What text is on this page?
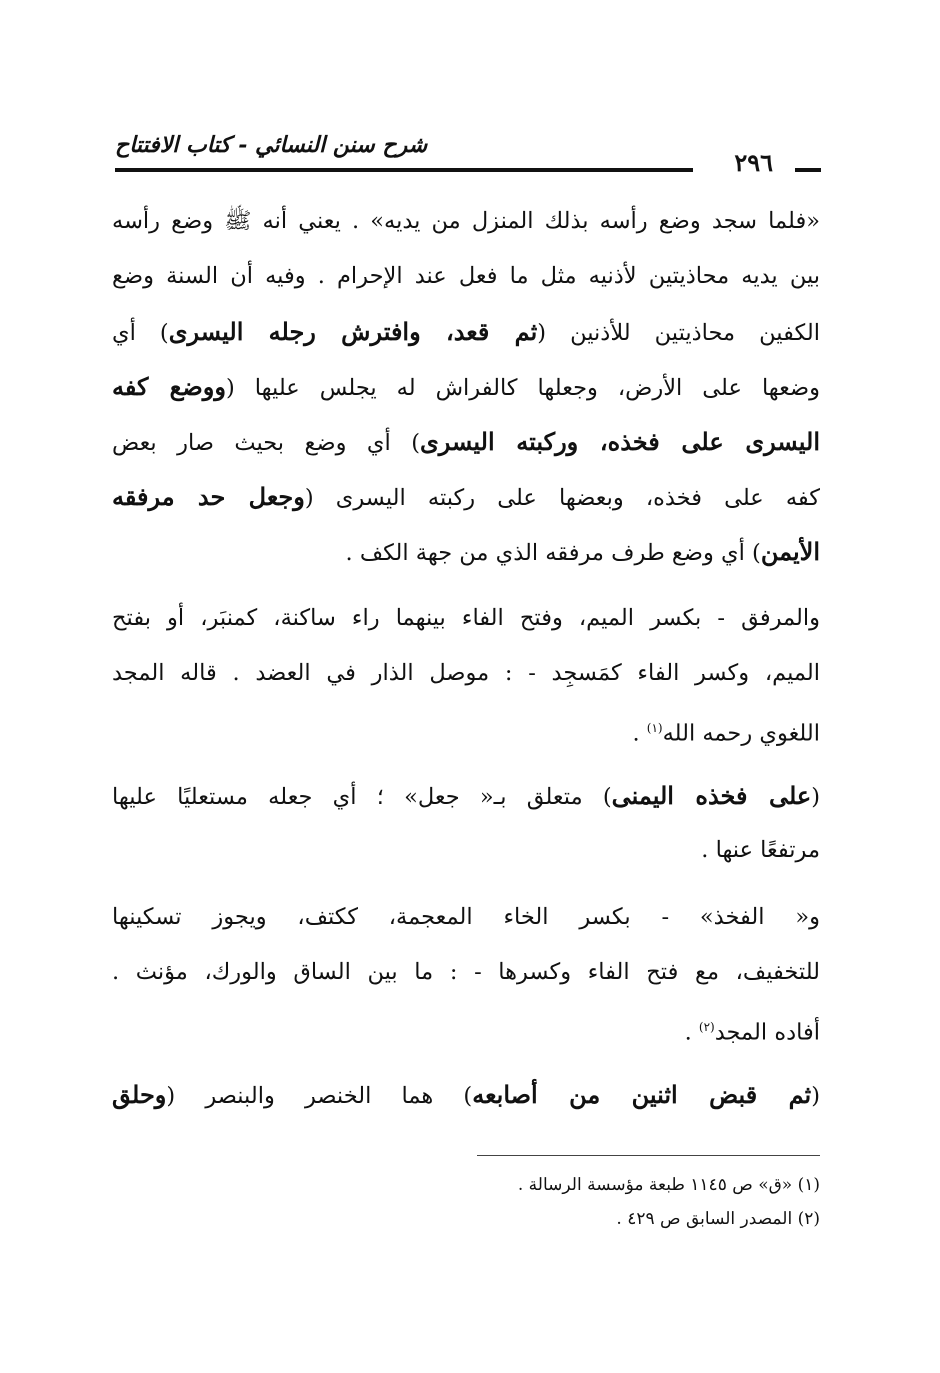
شرح سنن النسائي - كتاب الافتتاح
٢٩٦
«فلما سجد وضع رأسه بذلك المنزل من يديه» . يعني أنه ﷺ وضع رأسه
بين يديه محاذيتين لأذنيه مثل ما فعل عند الإحرام . وفيه أن السنة وضع
الكفين محاذيتين للأذنين (ثم قعد، وافترش رجله اليسرى) أي
وضعها على الأرض، وجعلها كالفراش له يجلس عليها (ووضع كفه
اليسرى على فخذه، وركبته اليسرى) أي وضع بحيث صار بعض
كفه على فخذه، وبعضها على ركبته اليسرى (وجعل حد مرفقه
الأيمن) أي وضع طرف مرفقه الذي من جهة الكف .
والمرفق - بكسر الميم، وفتح الفاء بينهما راء ساكنة، كمنبَر، أو بفتح
الميم، وكسر الفاء كمَسجِد - : موصل الذار في العضد . قاله المجد
اللغوي رحمه الله$^{(١)}$ .
(على فخذه اليمنى) متعلق بـ« جعل» ؛ أي جعله مستعليًا عليها
مرتفعًا عنها .
و« الفخذ» - بكسر الخاء المعجمة، ككتف، ويجوز تسكينها
للتخفيف، مع فتح الفاء وكسرها - : ما بين الساق والورك، مؤنث .
أفاده المجد$^{(٢)}$ .
(ثم قبض اثنين من أصابعه) هما الخنصر والبنصر (وحلق
(١) «ق» ص ١١٤٥ طبعة مؤسسة الرسالة .
(٢) المصدر السابق ص ٤٢٩ .
